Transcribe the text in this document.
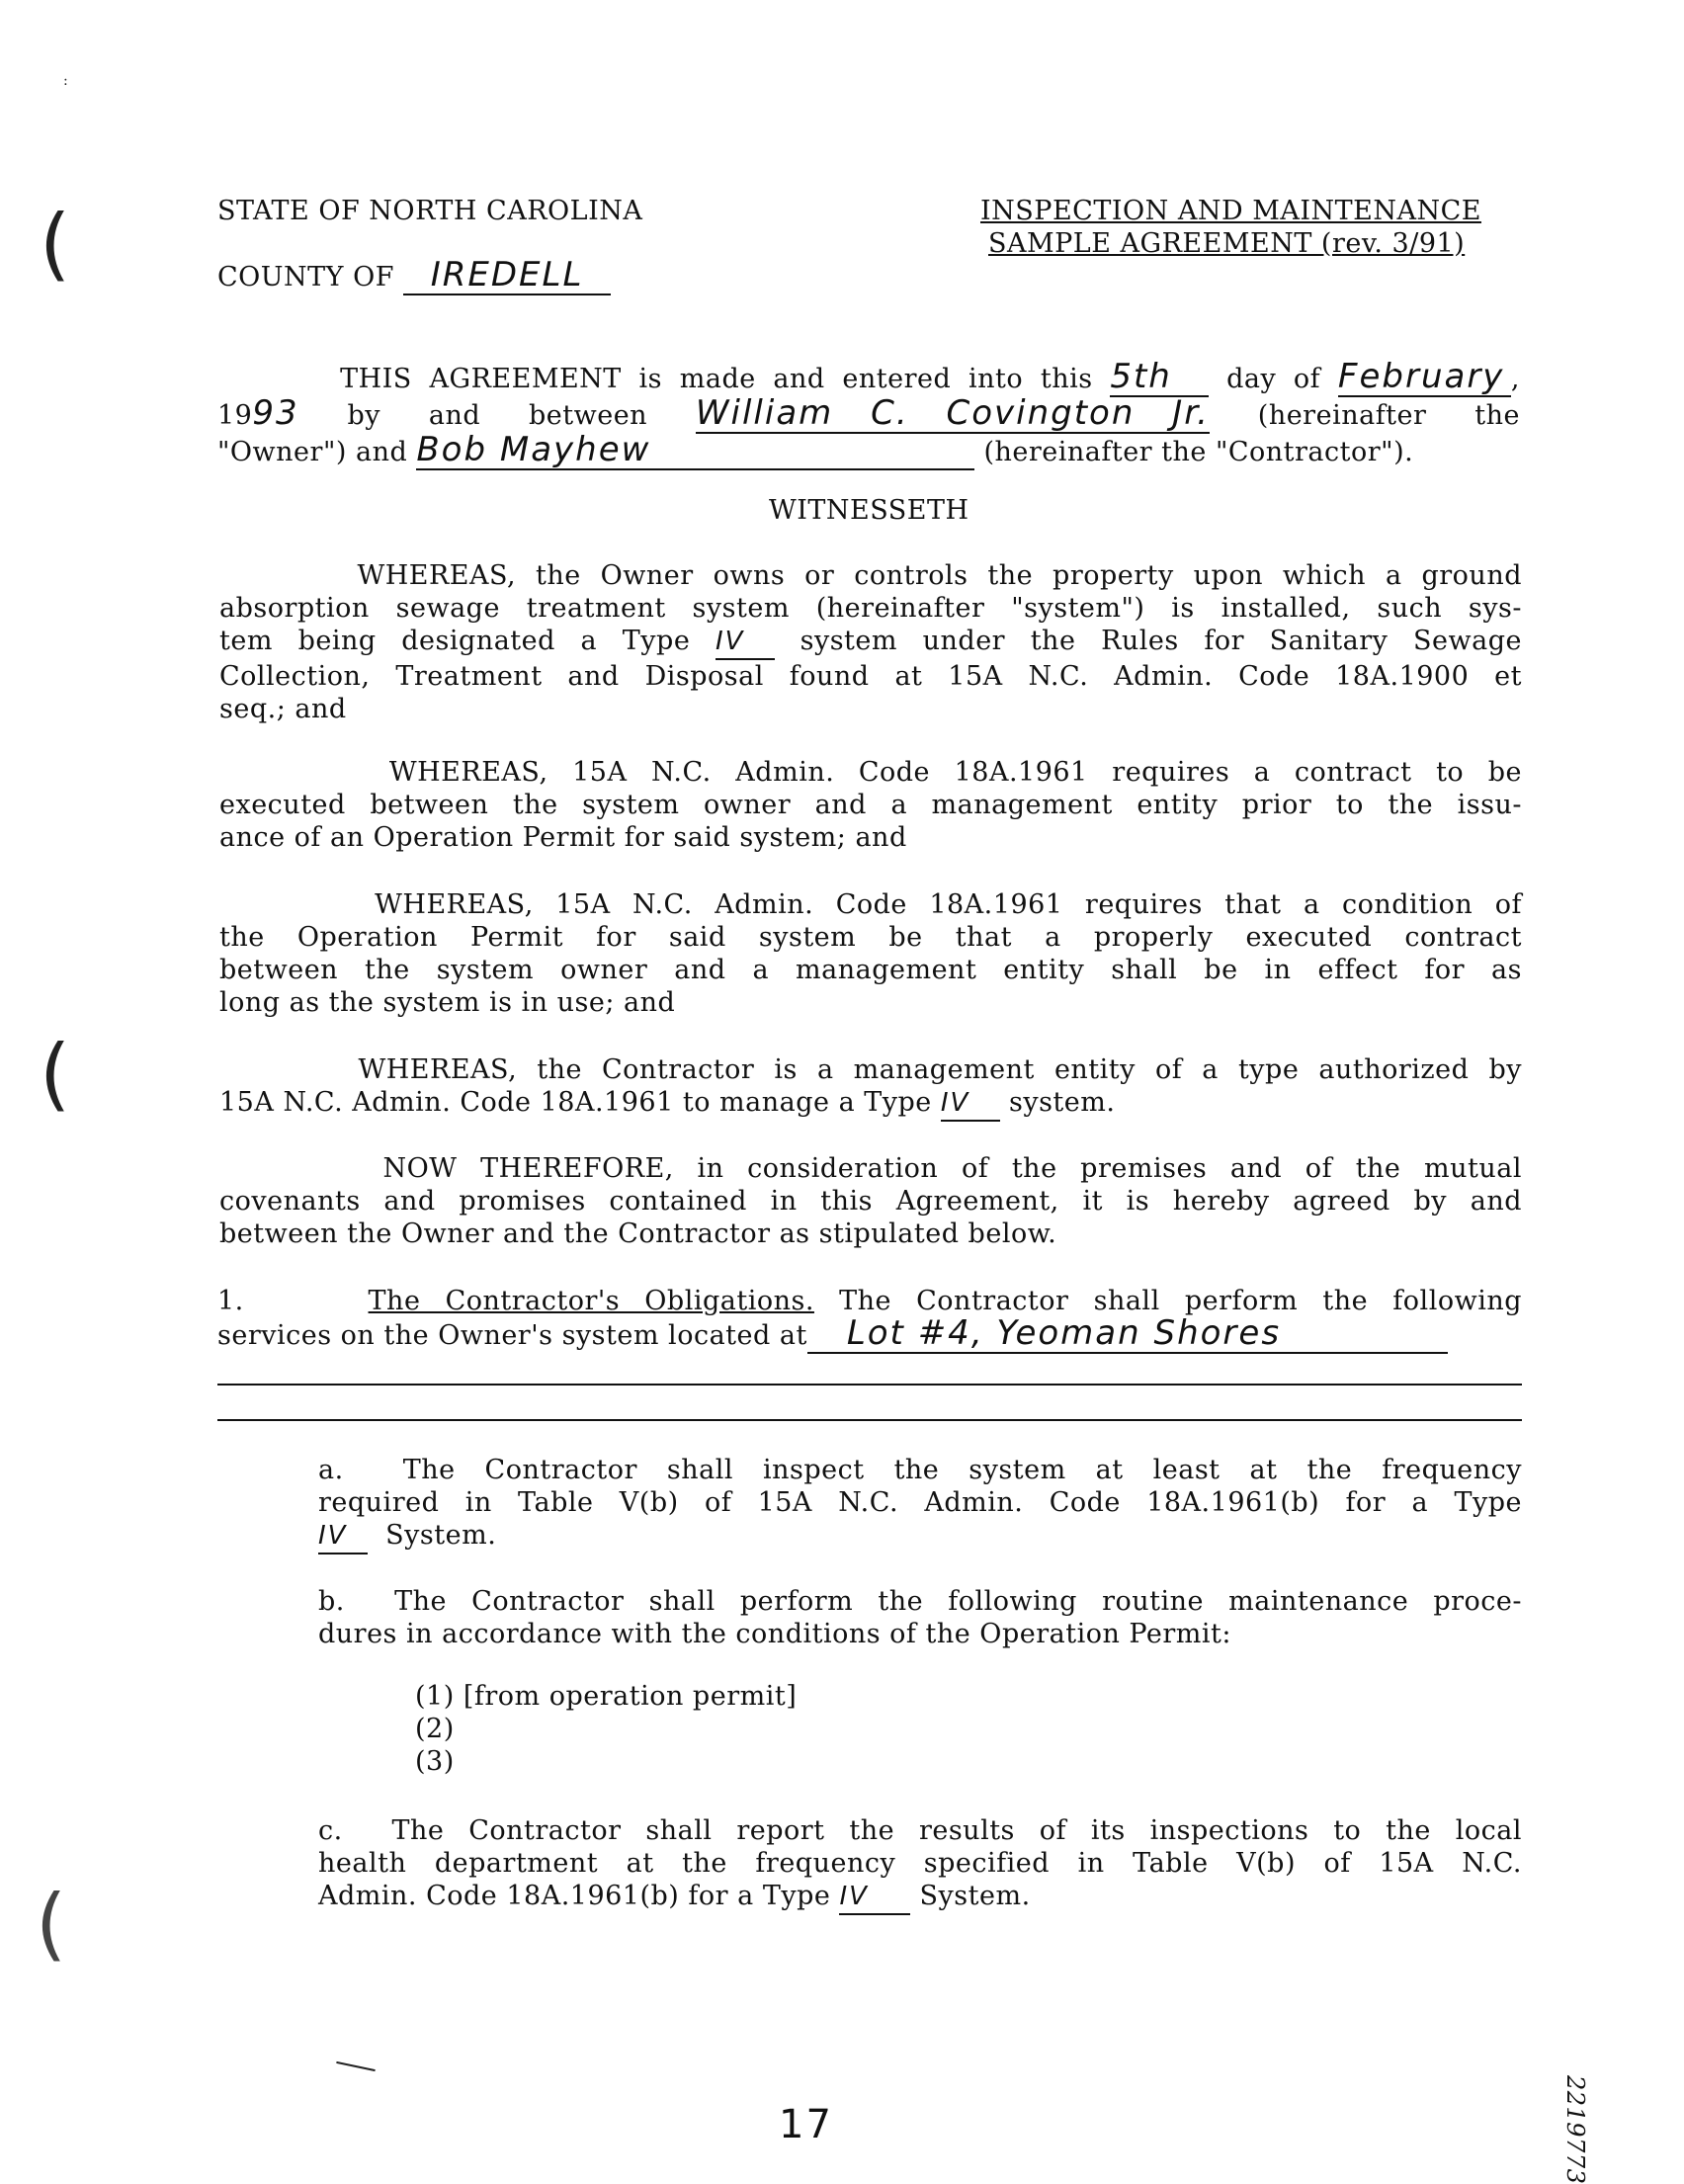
(
(
(
:
STATE OF NORTH CAROLINA	INSPECTION AND MAINTENANCE
SAMPLE AGREEMENT (rev. 3/91)
COUNTY OF IREDELL
THIS AGREEMENT is made and entered into this 5th day of February ,
1993 by and between William C. Covington Jr. (hereinafter the
"Owner") and Bob Mayhew	(hereinafter the "Contractor").
WITNESSETH
WHEREAS, the Owner owns or controls the property upon which a ground
absorption sewage treatment system (hereinafter "system") is installed, such sys-
tem being designated a Type IV system under the Rules for Sanitary Sewage
Collection, Treatment and Disposal found at 15A N.C. Admin. Code 18A.1900 et
seq.; and
WHEREAS, 15A N.C. Admin. Code 18A.1961 requires a contract to be
executed between the system owner and a management entity prior to the issu-
ance of an Operation Permit for said system; and
WHEREAS, 15A N.C. Admin. Code 18A.1961 requires that a condition of
the Operation Permit for said system be that a properly executed contract
between the system owner and a management entity shall be in effect for as
long as the system is in use; and
WHEREAS, the Contractor is a management entity of a type authorized by
15A N.C. Admin. Code 18A.1961 to manage a Type IV system.
NOW THEREFORE, in consideration of the premises and of the mutual
covenants and promises contained in this Agreement, it is hereby agreed by and
between the Owner and the Contractor as stipulated below.
1.	The Contractor's Obligations. The Contractor shall perform the following
services on the Owner's system located at Lot #4, Yeoman Shores
a. The Contractor shall inspect the system at least at the frequency
required in Table V(b) of 15A N.C. Admin. Code 18A.1961(b) for a Type
IV System.
b. The Contractor shall perform the following routine maintenance proce-
dures in accordance with the conditions of the Operation Permit:
(1) [from operation permit]
(2)
(3)
c. The Contractor shall report the results of its inspections to the local
health department at the frequency specified in Table V(b) of 15A N.C.
Admin. Code 18A.1961(b) for a Type IV System.
17	2219773
